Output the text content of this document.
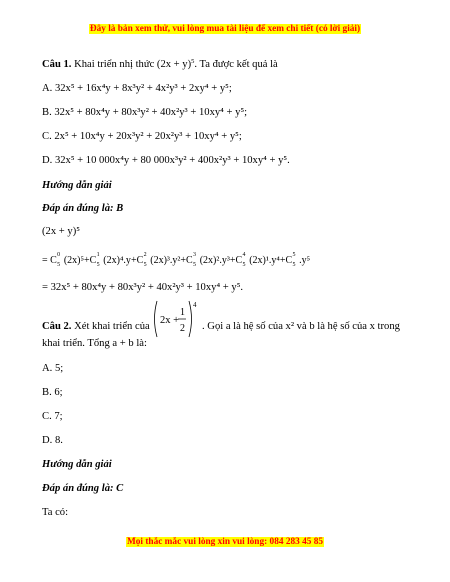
Đây là bản xem thử, vui lòng mua tài liệu để xem chi tiết (có lời giải)
Câu 1. Khai triển nhị thức $(2x + y)^5$. Ta được kết quả là
A. 32x⁵ + 16x⁴y + 8x³y² + 4x²y³ + 2xy⁴ + y⁵;
B. 32x⁵ + 80x⁴y + 80x³y² + 40x²y³ + 10xy⁴ + y⁵;
C. 2x⁵ + 10x⁴y + 20x³y² + 20x²y³ + 10xy⁴ + y⁵;
D. 32x⁵ + 10 000x⁴y + 80 000x³y² + 400x²y³ + 10xy⁴ + y⁵.
Hướng dẫn giải
Đáp án đúng là: B
(2x + y)⁵
= C 0
5 (2x)⁵+C 1
5 (2x)⁴.y+C 2
5 (2x)³.y²+C 3
5 (2x)².y³+C 4
5 (2x)¹.y⁴+C 5
5 .y⁵
= 32x⁵ + 80x⁴y + 80x³y² + 40x²y³ + 10xy⁴ + y⁵.
Câu 2. Xét khai triển của
2x +
1
2
4
. Gọi a là hệ số của x² và b là hệ số của x trong
khai triển. Tổng a + b là:
A. 5;
B. 6;
C. 7;
D. 8.
Hướng dẫn giải
Đáp án đúng là: C
Ta có:
Mọi thắc mắc vui lòng xin vui lòng: 084 283 45 85
